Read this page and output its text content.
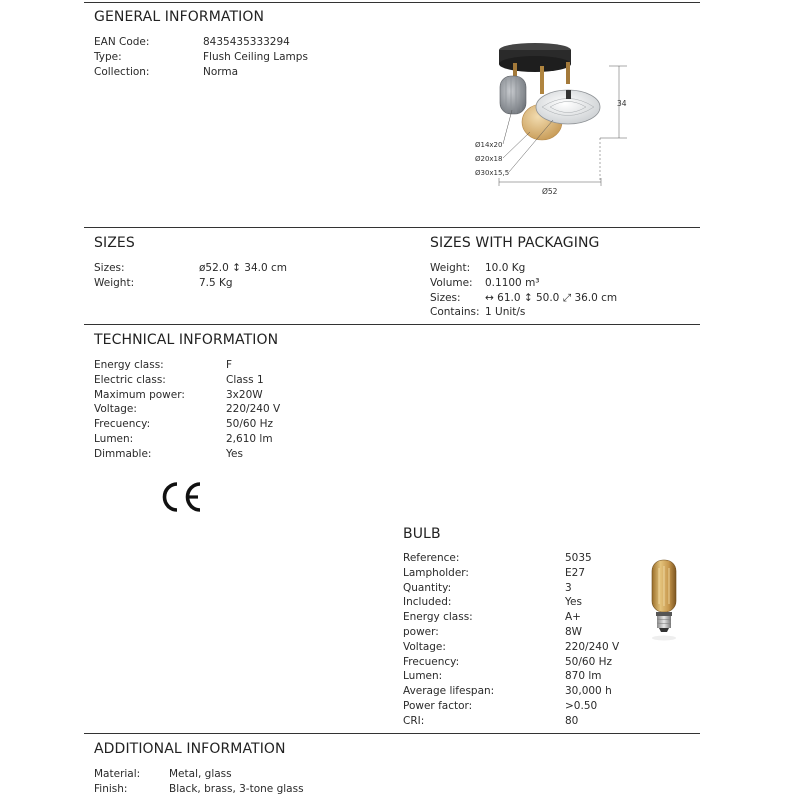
GENERAL INFORMATION
EAN Code:	8435435333294
Type:	Flush Ceiling Lamps
Collection:	Norma
Ø14x20
Ø20x18
Ø30x15,5
Ø52
34
SIZES
Sizes:	ø52.0 ↕ 34.0 cm
Weight:	7.5 Kg
SIZES WITH PACKAGING
Weight: 10.0 Kg
Volume: 0.1100 m³
Sizes: ↔ 61.0 ↕ 50.0 ⤢ 36.0 cm
Contains: 1 Unit/s
TECHNICAL INFORMATION
Energy class:	F
Electric class:	Class 1
Maximum power:	3x20W
Voltage:	220/240 V
Frecuency:	50/60 Hz
Lumen:	2,610 lm
Dimmable:	Yes
BULB
Reference:	5035
Lampholder:	E27
Quantity:	3
Included:	Yes
Energy class:	A+
power:	8W
Voltage:	220/240 V
Frecuency:	50/60 Hz
Lumen:	870 lm
Average lifespan:	30,000 h
Power factor:	>0.50
CRI:	80
ADDITIONAL INFORMATION
Material:	Metal, glass
Finish:	Black, brass, 3-tone glass
